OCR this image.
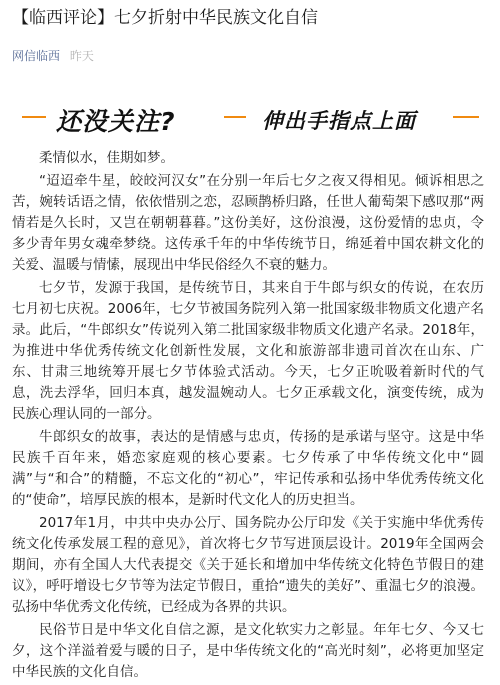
【临西评论】七夕折射中华民族文化自信
网信临西 昨天
还没关注?	伸出手指点上面

柔情似水，佳期如梦。

“迢迢牵牛星，皎皎河汉女”在分别一年后七夕之夜又得相见。倾诉相思之苦，婉转话语之情，依依惜别之恋，忍顾鹊桥归路，任世人葡萄架下感叹那“两情若是久长时，又岂在朝朝暮暮。”这份美好，这份浪漫，这份爱情的忠贞，令多少青年男女魂牵梦绕。这传承千年的中华传统节日，绵延着中国农耕文化的关爱、温暖与情愫，展现出中华民俗经久不衰的魅力。

七夕节，发源于我国，是传统节日，其来自于牛郎与织女的传说，在农历七月初七庆祝。2006年，七夕节被国务院列入第一批国家级非物质文化遗产名录。此后，“牛郎织女”传说列入第二批国家级非物质文化遗产名录。2018年，为推进中华优秀传统文化创新性发展，文化和旅游部非遗司首次在山东、广东、甘肃三地统筹开展七夕节体验式活动。今天，七夕正吮吸着新时代的气息，洗去浮华，回归本真，越发温婉动人。七夕正承载文化，演变传统，成为民族心理认同的一部分。

牛郎织女的故事，表达的是情感与忠贞，传扬的是承诺与坚守。这是中华民族千百年来，婚恋家庭观的核心要素。七夕传承了中华传统文化中“圆满”与“和合”的精髓，不忘文化的“初心”，牢记传承和弘扬中华优秀传统文化的“使命”，培厚民族的根本，是新时代文化人的历史担当。

2017年1月，中共中央办公厅、国务院办公厅印发《关于实施中华优秀传统文化传承发展工程的意见》，首次将七夕节写进顶层设计。2019年全国两会期间，亦有全国人大代表提交《关于延长和增加中华传统文化特色节假日的建议》，呼吁增设七夕节等为法定节假日，重拾“遗失的美好”、重温七夕的浪漫。弘扬中华优秀文化传统，已经成为各界的共识。

民俗节日是中华文化自信之源，是文化软实力之彰显。年年七夕、今又七夕，这个洋溢着爱与暖的日子，是中华传统文化的“高光时刻”，必将更加坚定中华民族的文化自信。
